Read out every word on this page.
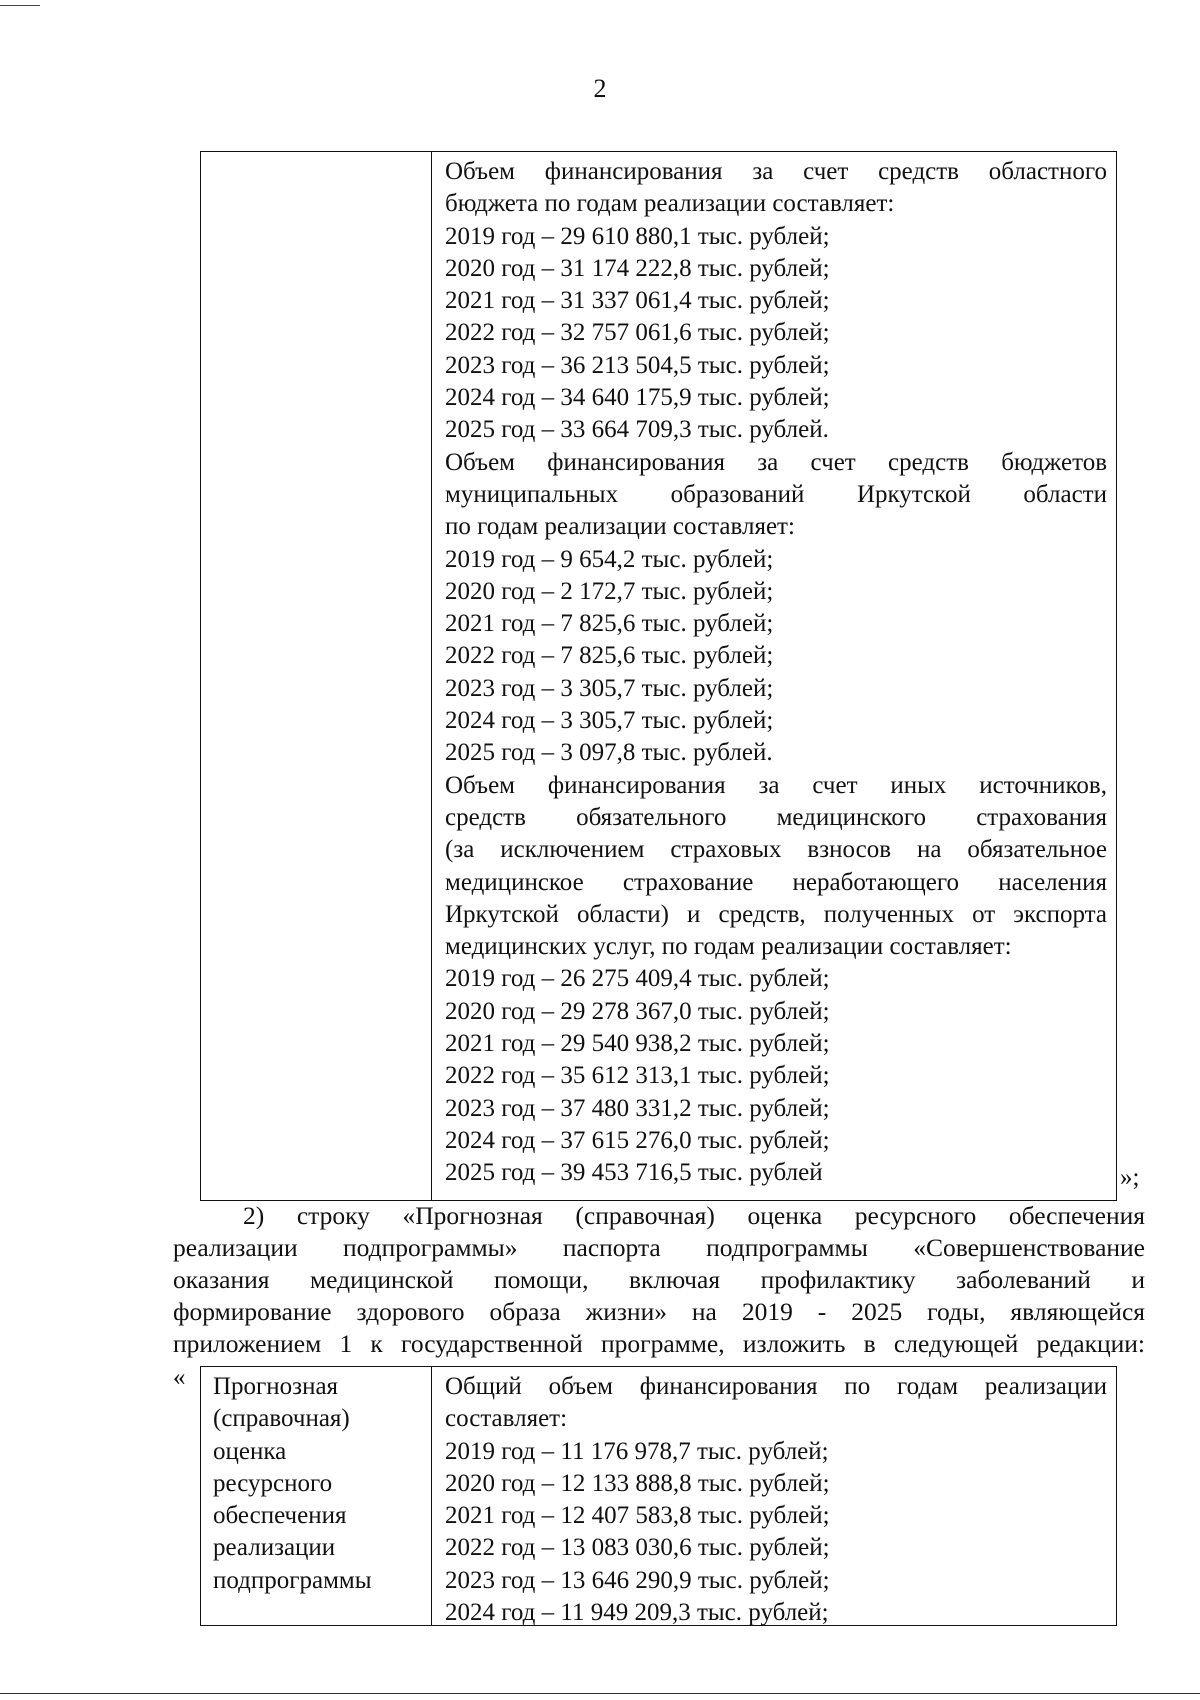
2
Объем финансирования за счет средств областного
бюджета по годам реализации составляет:
2019 год – 29 610 880,1 тыс. рублей;
2020 год – 31 174 222,8 тыс. рублей;
2021 год – 31 337 061,4 тыс. рублей;
2022 год – 32 757 061,6 тыс. рублей;
2023 год – 36 213 504,5 тыс. рублей;
2024 год – 34 640 175,9 тыс. рублей;
2025 год – 33 664 709,3 тыс. рублей.
Объем финансирования за счет средств бюджетов
муниципальных образований Иркутской области
по годам реализации составляет:
2019 год – 9 654,2 тыс. рублей;
2020 год – 2 172,7 тыс. рублей;
2021 год – 7 825,6 тыс. рублей;
2022 год – 7 825,6 тыс. рублей;
2023 год – 3 305,7 тыс. рублей;
2024 год – 3 305,7 тыс. рублей;
2025 год – 3 097,8 тыс. рублей.
Объем финансирования за счет иных источников,
средств обязательного медицинского страхования
(за исключением страховых взносов на обязательное
медицинское страхование неработающего населения
Иркутской области) и средств, полученных от экспорта
медицинских услуг, по годам реализации составляет:
2019 год – 26 275 409,4 тыс. рублей;
2020 год – 29 278 367,0 тыс. рублей;
2021 год – 29 540 938,2 тыс. рублей;
2022 год – 35 612 313,1 тыс. рублей;
2023 год – 37 480 331,2 тыс. рублей;
2024 год – 37 615 276,0 тыс. рублей;
2025 год – 39 453 716,5 тыс. рублей	»;
2) строку «Прогнозная (справочная) оценка ресурсного обеспечения
реализации подпрограммы» паспорта подпрограммы «Совершенствование
оказания медицинской помощи, включая профилактику заболеваний и
формирование здорового образа жизни» на 2019 - 2025 годы, являющейся
приложением 1 к государственной программе, изложить в следующей редакции:
« Прогнозная
(справочная)
оценка
ресурсного
обеспечения
реализации
подпрограммы
Общий объем финансирования по годам реализации
составляет:
2019 год – 11 176 978,7 тыс. рублей;
2020 год – 12 133 888,8 тыс. рублей;
2021 год – 12 407 583,8 тыс. рублей;
2022 год – 13 083 030,6 тыс. рублей;
2023 год – 13 646 290,9 тыс. рублей;
2024 год – 11 949 209,3 тыс. рублей;
